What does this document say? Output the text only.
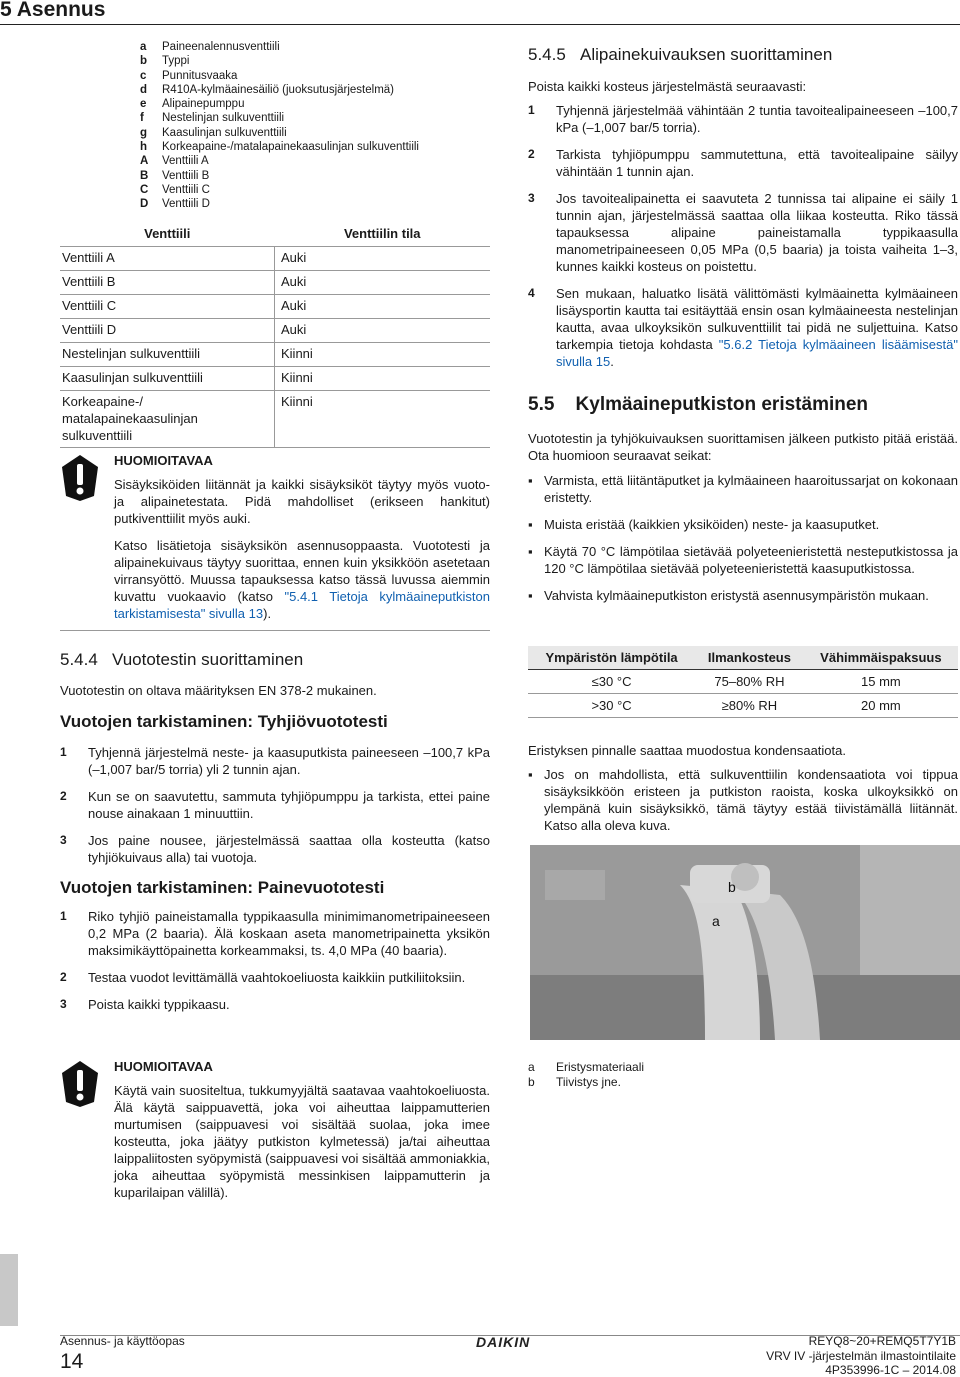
5 Asennus
a	Paineenalennusventtiili
b	Typpi
c	Punnitusvaaka
d	R410A-kylmäainesäiliö (juoksutusjärjestelmä)
e	Alipainepumppu
f	Nestelinjan sulkuventtiili
g	Kaasulinjan sulkuventtiili
h	Korkeapaine-/matalapainekaasulinjan sulkuventtiili
A	Venttiili A
B	Venttiili B
C	Venttiili C
D	Venttiili D
Venttiili	Venttiilin tila	
Venttiili A	Auki	
Venttiili B	Auki	
Venttiili C	Auki	
Venttiili D	Auki	
Nestelinjan sulkuventtiili	Kiinni	
Kaasulinjan sulkuventtiili	Kiinni	
Korkeapaine-/ matalapainekaasulinjan sulkuventtiili	Kiinni	
HUOMIOITAVAA

Sisäyksiköiden liitännät ja kaikki sisäyksiköt täytyy myös vuoto- ja alipainetestata. Pidä mahdolliset (erikseen hankitut) putkiventtiilit myös auki.

Katso lisätietoja sisäyksikön asennusoppaasta. Vuototesti ja alipainekuivaus täytyy suorittaa, ennen kuin yksikköön asetetaan virransyöttö. Muussa tapauksessa katso tässä luvussa aiemmin kuvattu vuokaavio (katso "5.4.1 Tietoja kylmäaineputkiston tarkistamisesta" sivulla 13).

5.4.4 Vuototestin suorittaminen
Vuototestin on oltava määrityksen EN 378-2 mukainen.
Vuotojen tarkistaminen: Tyhjiövuototesti
1	Tyhjennä järjestelmä neste- ja kaasuputkista paineeseen –100,7 kPa (–1,007 bar/5 torria) yli 2 tunnin ajan.
2	Kun se on saavutettu, sammuta tyhjiöpumppu ja tarkista, ettei paine nouse ainakaan 1 minuuttiin.
3	Jos paine nousee, järjestelmässä saattaa olla kosteutta (katso tyhjiökuivaus alla) tai vuotoja.
Vuotojen tarkistaminen: Painevuototesti
1	Riko tyhjiö paineistamalla typpikaasulla minimimanometripaineeseen 0,2 MPa (2 baaria). Älä koskaan aseta manometripainetta yksikön maksimikäyttöpainetta korkeammaksi, ts. 4,0 MPa (40 baaria).
2	Testaa vuodot levittämällä vaahtokoeliuosta kaikkiin putkiliitoksiin.
3	Poista kaikki typpikaasu.
HUOMIOITAVAA

Käytä vain suositeltua, tukkumyyjältä saatavaa vaahtokoeliuosta. Älä käytä saippuavettä, joka voi aiheuttaa laippamutterien murtumisen (saippuavesi voi sisältää suolaa, joka imee kosteutta, joka jäätyy putkiston kylmetessä) ja/tai aiheuttaa laippaliitosten syöpymistä (saippuavesi voi sisältää ammoniakkia, joka aiheuttaa syöpymistä messinkisen laippamutterin ja kuparilaipan välillä).

5.4.5 Alipainekuivauksen suorittaminen
Poista kaikki kosteus järjestelmästä seuraavasti:
1	Tyhjennä järjestelmää vähintään 2 tuntia tavoitealipaineeseen –100,7 kPa (–1,007 bar/5 torria).
2	Tarkista tyhjiöpumppu sammutettuna, että tavoitealipaine säilyy vähintään 1 tunnin ajan.
3	Jos tavoitealipainetta ei saavuteta 2 tunnissa tai alipaine ei säily 1 tunnin ajan, järjestelmässä saattaa olla liikaa kosteutta. Riko tässä tapauksessa alipaine paineistamalla typpikaasulla manometripaineeseen 0,05 MPa (0,5 baaria) ja toista vaiheita 1–3, kunnes kaikki kosteus on poistettu.
4	Sen mukaan, haluatko lisätä välittömästi kylmäainetta kylmäaineen lisäysportin kautta tai esitäyttää ensin osan kylmäaineesta nestelinjan kautta, avaa ulkoyksikön sulkuventtiilit tai pidä ne suljettuina. Katso tarkempia tietoja kohdasta "5.6.2 Tietoja kylmäaineen lisäämisestä" sivulla 15.
5.5 Kylmäaineputkiston eristäminen
Vuototestin ja tyhjökuivauksen suorittamisen jälkeen putkisto pitää eristää. Ota huomioon seuraavat seikat:
▪ Varmista, että liitäntäputket ja kylmäaineen haaroitussarjat on kokonaan eristetty.
▪ Muista eristää (kaikkien yksiköiden) neste- ja kaasuputket.
▪ Käytä 70 °C lämpötilaa sietävää polyeteenieristettä nesteputkistossa ja 120 °C lämpötilaa sietävää polyeteenieristettä kaasuputkistossa.
▪ Vahvista kylmäaineputkiston eristystä asennusympäristön mukaan.
Ympäristön lämpötila	Ilmankosteus	Vähimmäispaksuus
≤30 °C	75–80% RH	15 mm
>30 °C	≥80% RH	20 mm
Eristyksen pinnalle saattaa muodostua kondensaatiota.
▪ Jos on mahdollista, että sulkuventtiilin kondensaatiota voi tippua sisäyksikköön eristeen ja putkiston raoista, koska ulkoyksikkö on ylempänä kuin sisäyksikkö, tämä täytyy estää tiivistämällä liitännät. Katso alla oleva kuva.
b
a
a	Eristysmateriaali
b	Tiivistys jne.
Asennus- ja käyttöopas
14
DAIKIN	REYQ8~20+REMQ5T7Y1B
VRV IV -järjestelmän ilmastointilaite
4P353996-1C – 2014.08
